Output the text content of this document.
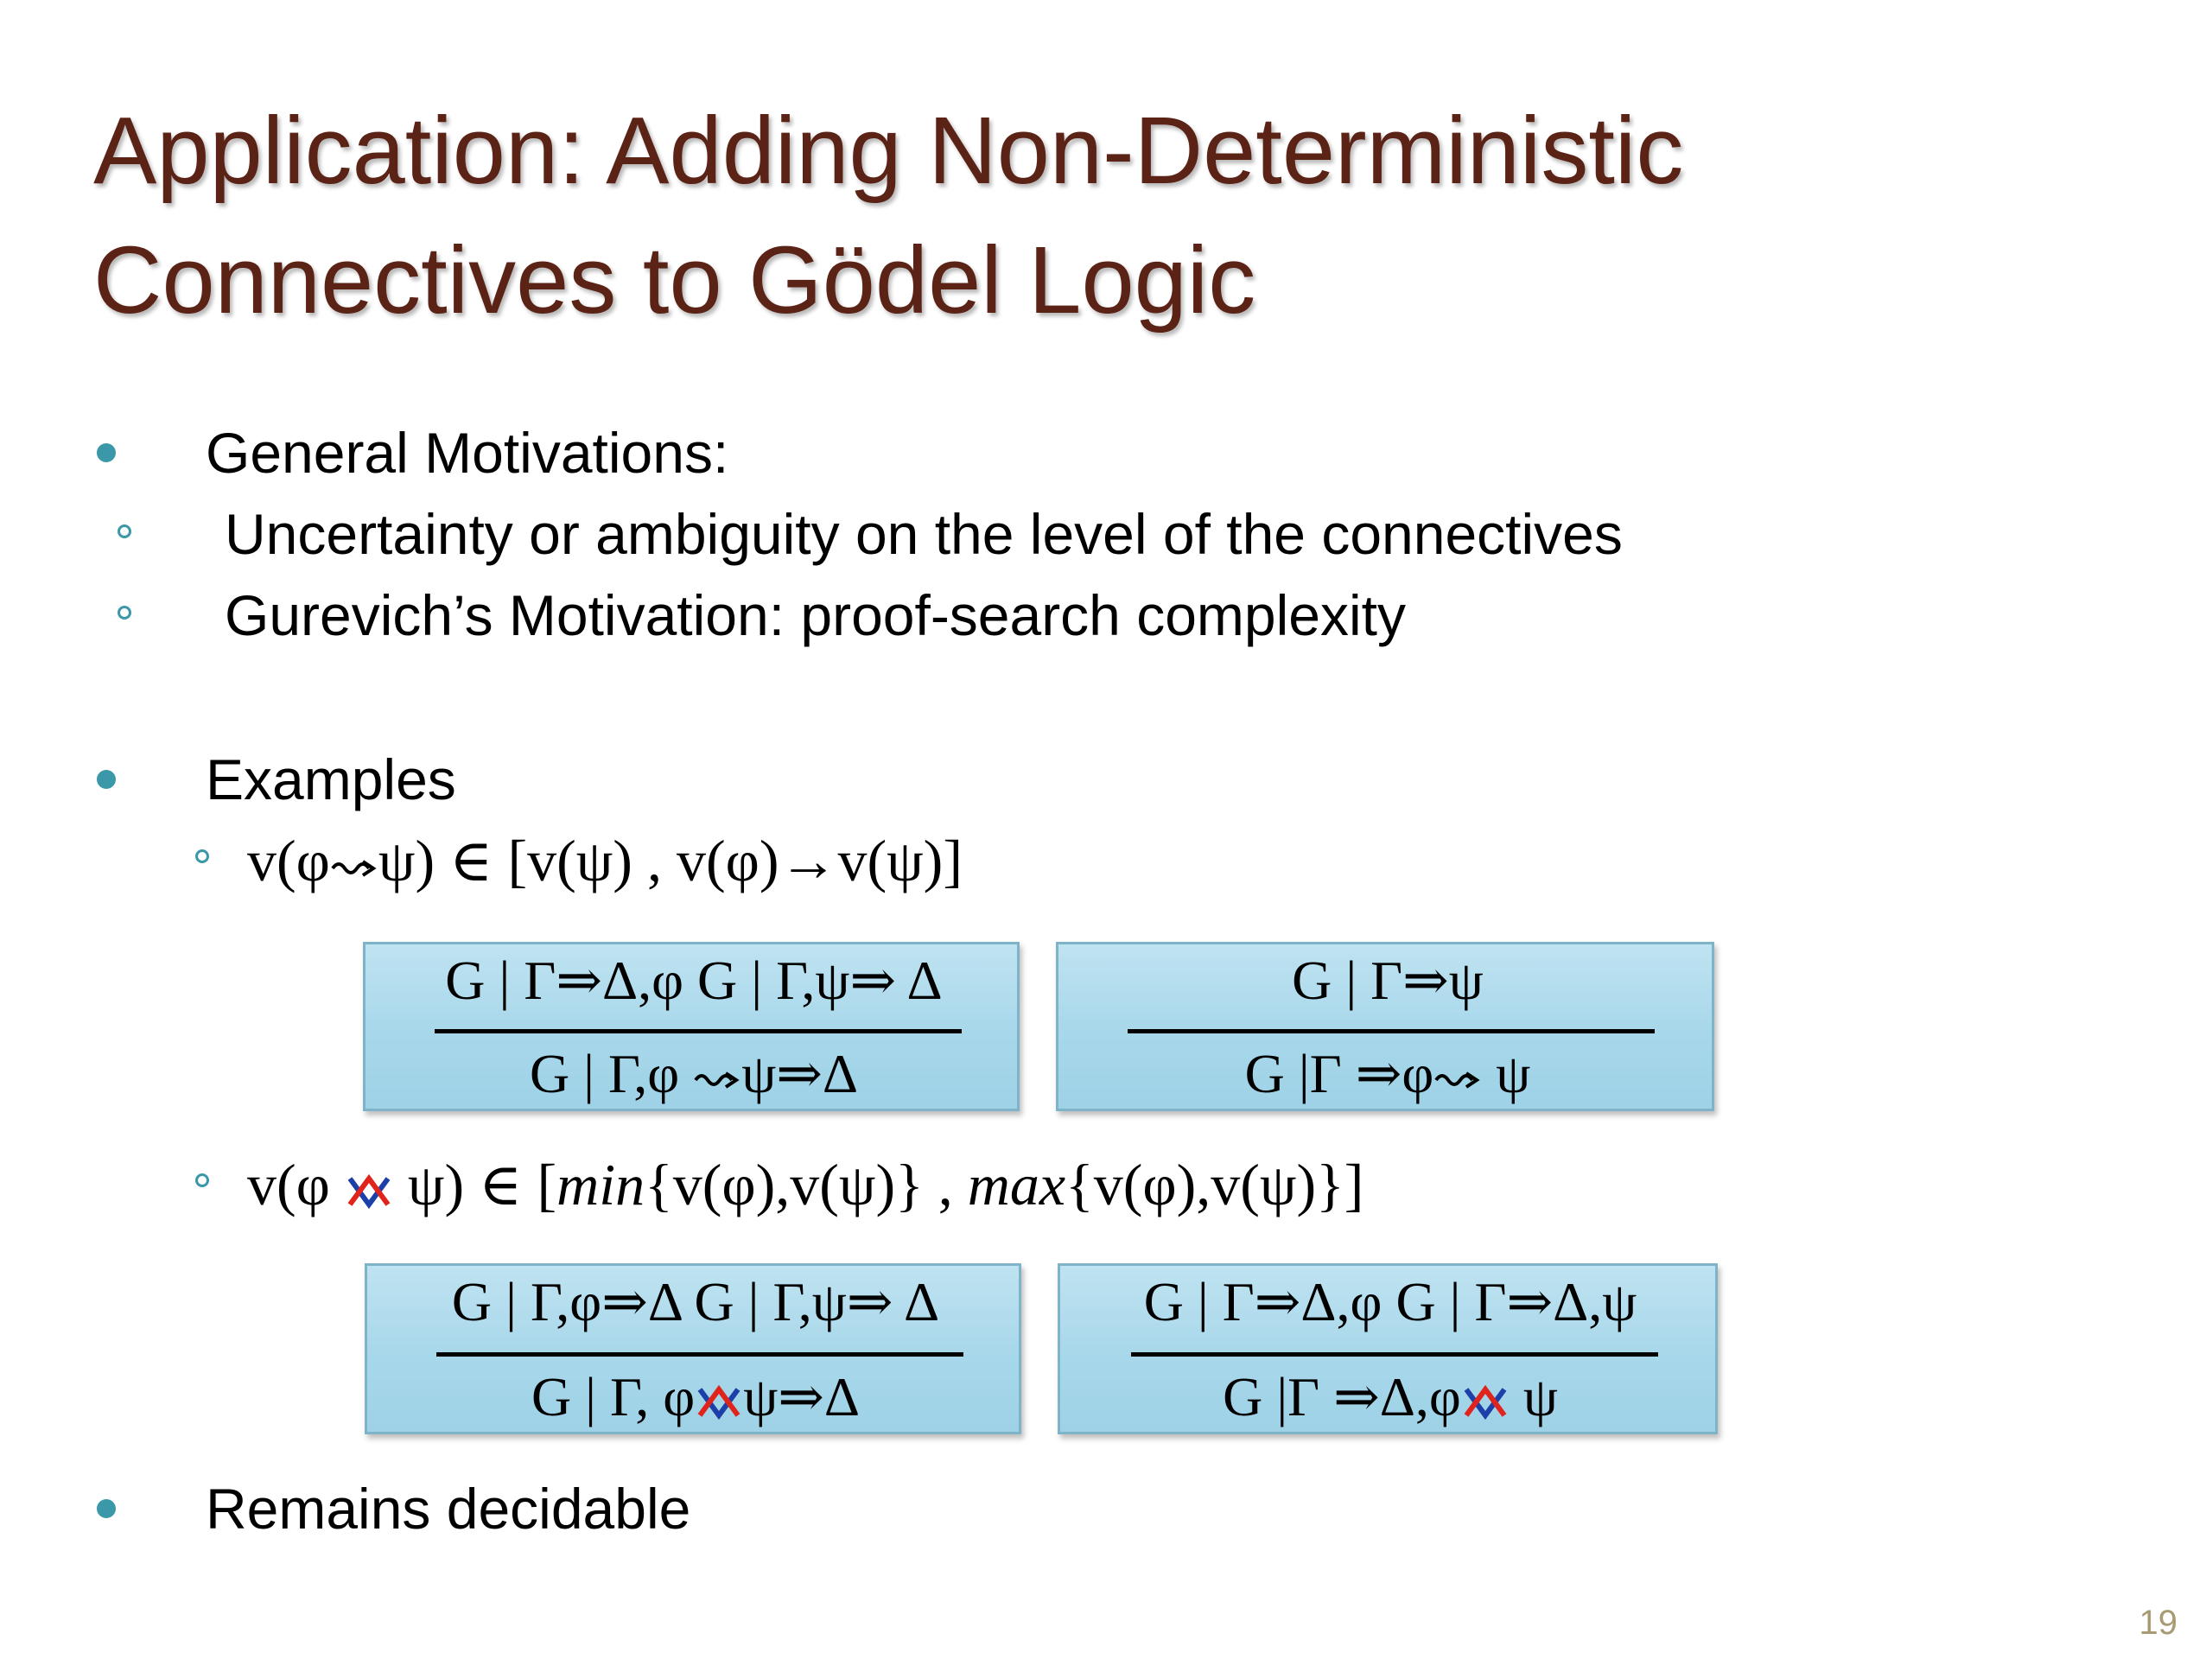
Application: Adding Non-Deterministic
Connectives to Gödel Logic
General Motivations:
Uncertainty or ambiguity on the level of the connectives
Gurevich’s Motivation: proof-search complexity
Examples
v(φ ψ) ∈ [v(ψ) , v(φ)→v(ψ)]
G | Γ⇒Δ,φ G | Γ,ψ⇒ Δ
G | Γ,φ ψ⇒Δ
G | Γ⇒ψ
G |Γ ⇒φ
ψ
v(φ ψ) ∈ [min{v(φ),v(ψ)} , max{v(φ),v(ψ)}]
G | Γ,φ⇒Δ G | Γ,ψ⇒ Δ
G | Γ, φ ψ⇒Δ
G | Γ⇒Δ,φ G | Γ⇒Δ,ψ
G |Γ ⇒Δ,φ
ψ
Remains decidable
19
